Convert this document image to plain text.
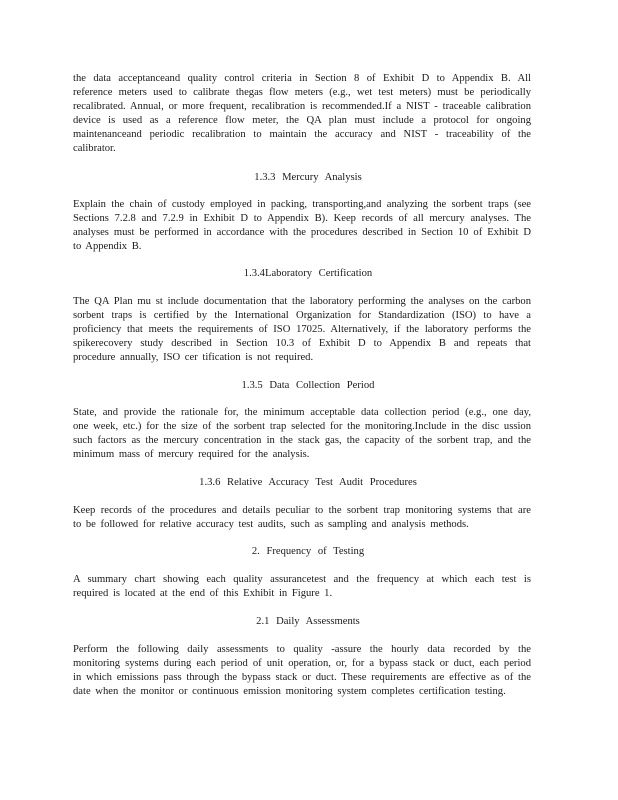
the data acceptanceand quality control criteria in Section 8 of Exhibit D to Appendix B. All reference meters used to calibrate thegas flow meters (e.g., wet test meters) must be periodically recalibrated. Annual, or more frequent, recalibration is recommended.If a NIST - traceable calibration device is used as a reference flow meter, the QA plan must include a protocol for ongoing maintenanceand periodic recalibration to maintain the accuracy and NIST - traceability of the calibrator.

1.3.3 Mercury Analysis

Explain the chain of custody employed in packing, transporting,and analyzing the sorbent traps (see Sections 7.2.8 and 7.2.9 in Exhibit D to Appendix B). Keep records of all mercury analyses. The analyses must be performed in accordance with the procedures described in Section 10 of Exhibit D to Appendix B.

1.3.4Laboratory Certification

The QA Plan mu st include documentation that the laboratory performing the analyses on the carbon sorbent traps is certified by the International Organization for Standardization (ISO) to have a proficiency that meets the requirements of ISO 17025. Alternatively, if the laboratory performs the spikerecovery study described in Section 10.3 of Exhibit D to Appendix B and repeats that procedure annually, ISO cer tification is not required.

1.3.5 Data Collection Period

State, and provide the rationale for, the minimum acceptable data collection period (e.g., one day, one week, etc.) for the size of the sorbent trap selected for the monitoring.Include in the disc ussion such factors as the mercury concentration in the stack gas, the capacity of the sorbent trap, and the minimum mass of mercury required for the analysis.

1.3.6 Relative Accuracy Test Audit Procedures

Keep records of the procedures and details peculiar to the sorbent trap monitoring systems that are to be followed for relative accuracy test audits, such as sampling and analysis methods.

2. Frequency of Testing

A summary chart showing each quality assurancetest and the frequency at which each test is required is located at the end of this Exhibit in Figure 1.

2.1 Daily Assessments

Perform the following daily assessments to quality -assure the hourly data recorded by the monitoring systems during each period of unit operation, or, for a bypass stack or duct, each period in which emissions pass through the bypass stack or duct. These requirements are effective as of the date when the monitor or continuous emission monitoring system completes certification testing.
